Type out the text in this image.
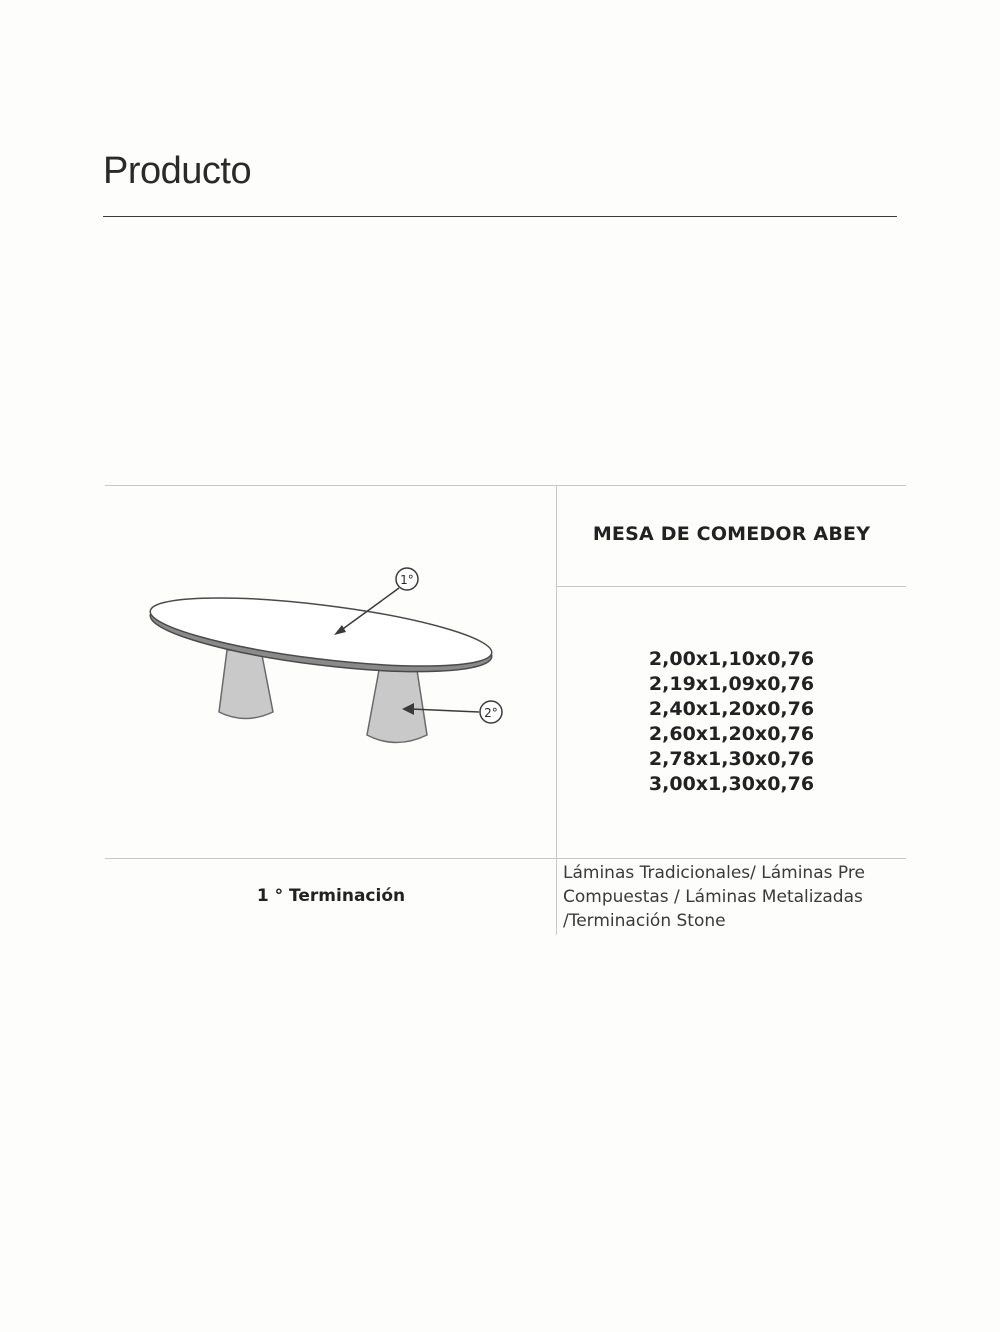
Producto
1°
2°
MESA DE COMEDOR ABEY
2,00x1,10x0,76
2,19x1,09x0,76
2,40x1,20x0,76
2,60x1,20x0,76
2,78x1,30x0,76
3,00x1,30x0,76
1 ° Terminación
Láminas Tradicionales/ Láminas Pre Compuestas / Láminas Metalizadas /Terminación Stone
